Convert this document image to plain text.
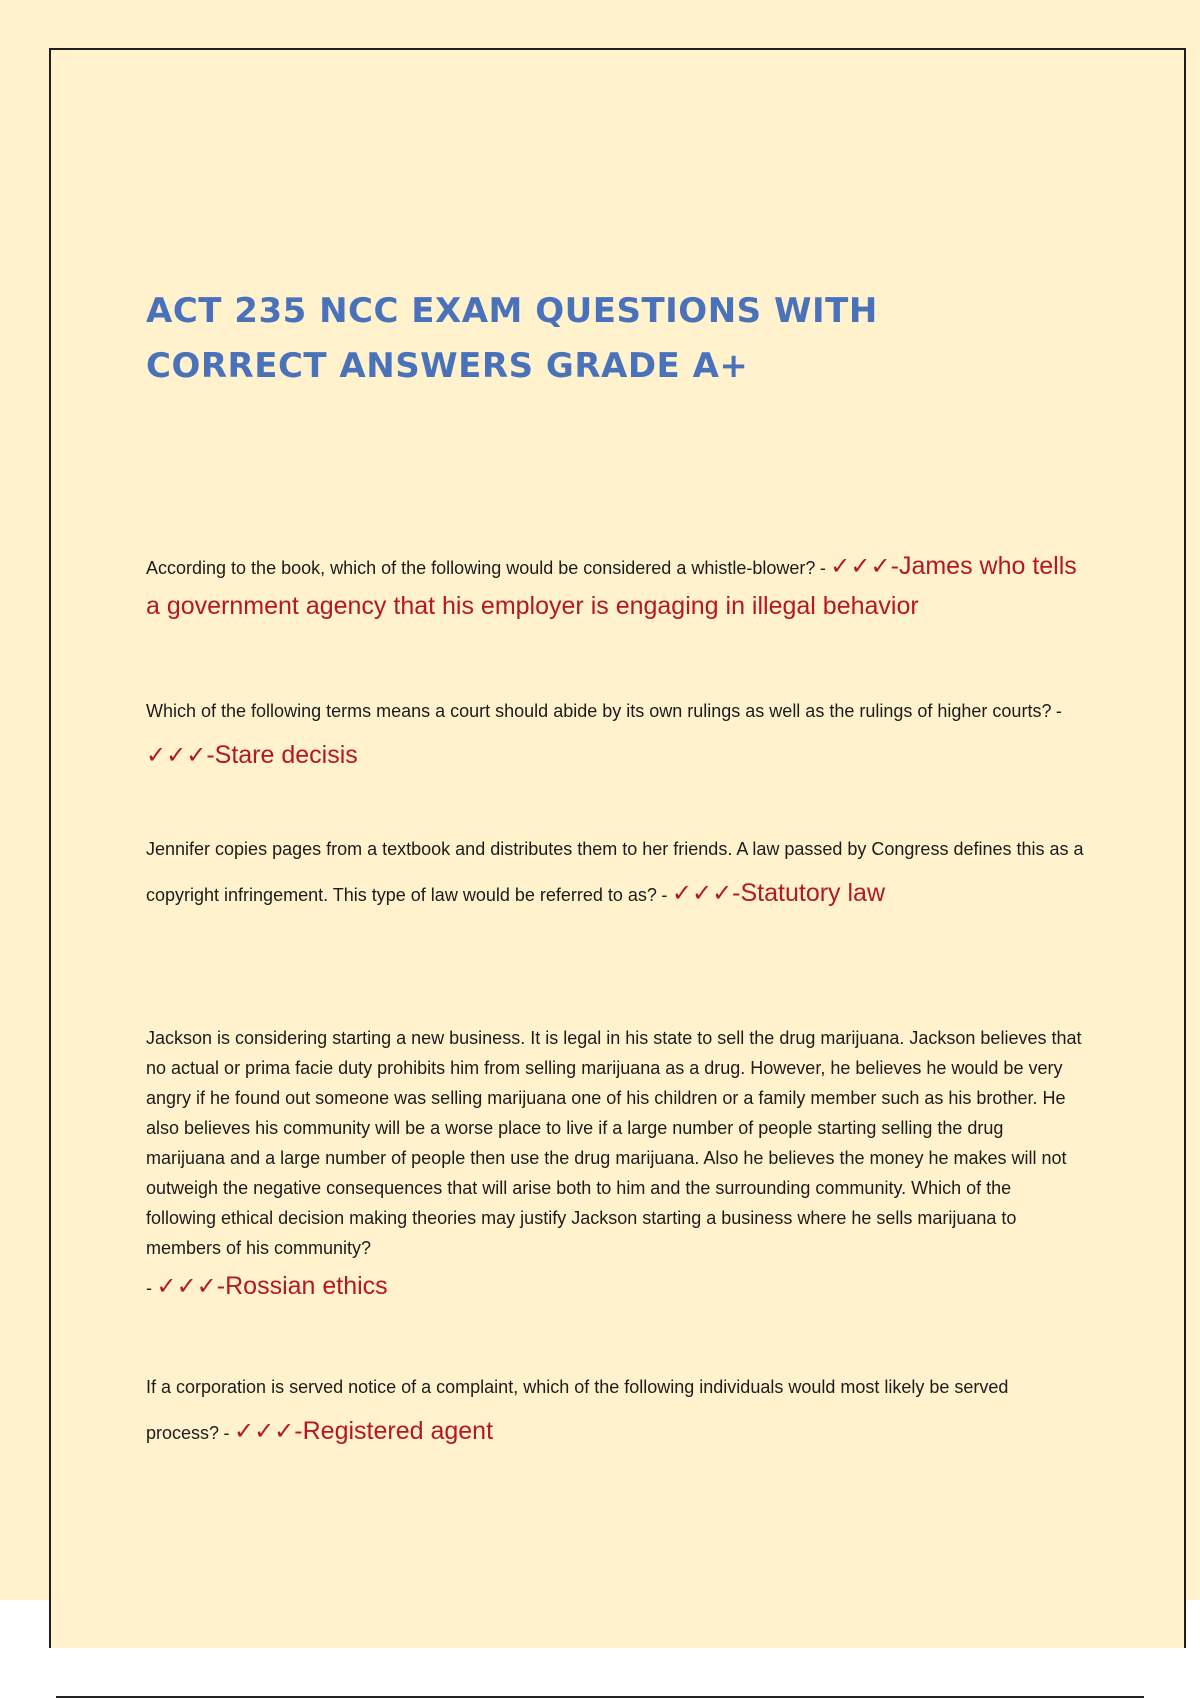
ACT 235 NCC EXAM QUESTIONS WITH
CORRECT ANSWERS GRADE A+

According to the book, which of the following would be considered a whistle-blower? - ✓✓✓-James who tells a government agency that his employer is engaging in illegal behavior

Which of the following terms means a court should abide by its own rulings as well as the rulings of higher courts? - ✓✓✓-Stare decisis

Jennifer copies pages from a textbook and distributes them to her friends. A law passed by Congress defines this as a copyright infringement. This type of law would be referred to as? - ✓✓✓-Statutory law

Jackson is considering starting a new business. It is legal in his state to sell the drug marijuana. Jackson believes that no actual or prima facie duty prohibits him from selling marijuana as a drug. However, he believes he would be very angry if he found out someone was selling marijuana one of his children or a family member such as his brother. He also believes his community will be a worse place to live if a large number of people starting selling the drug marijuana and a large number of people then use the drug marijuana. Also he believes the money he makes will not outweigh the negative consequences that will arise both to him and the surrounding community. Which of the following ethical decision making theories may justify Jackson starting a business where he sells marijuana to members of his community?
- ✓✓✓-Rossian ethics

If a corporation is served notice of a complaint, which of the following individuals would most likely be served process? - ✓✓✓-Registered agent
